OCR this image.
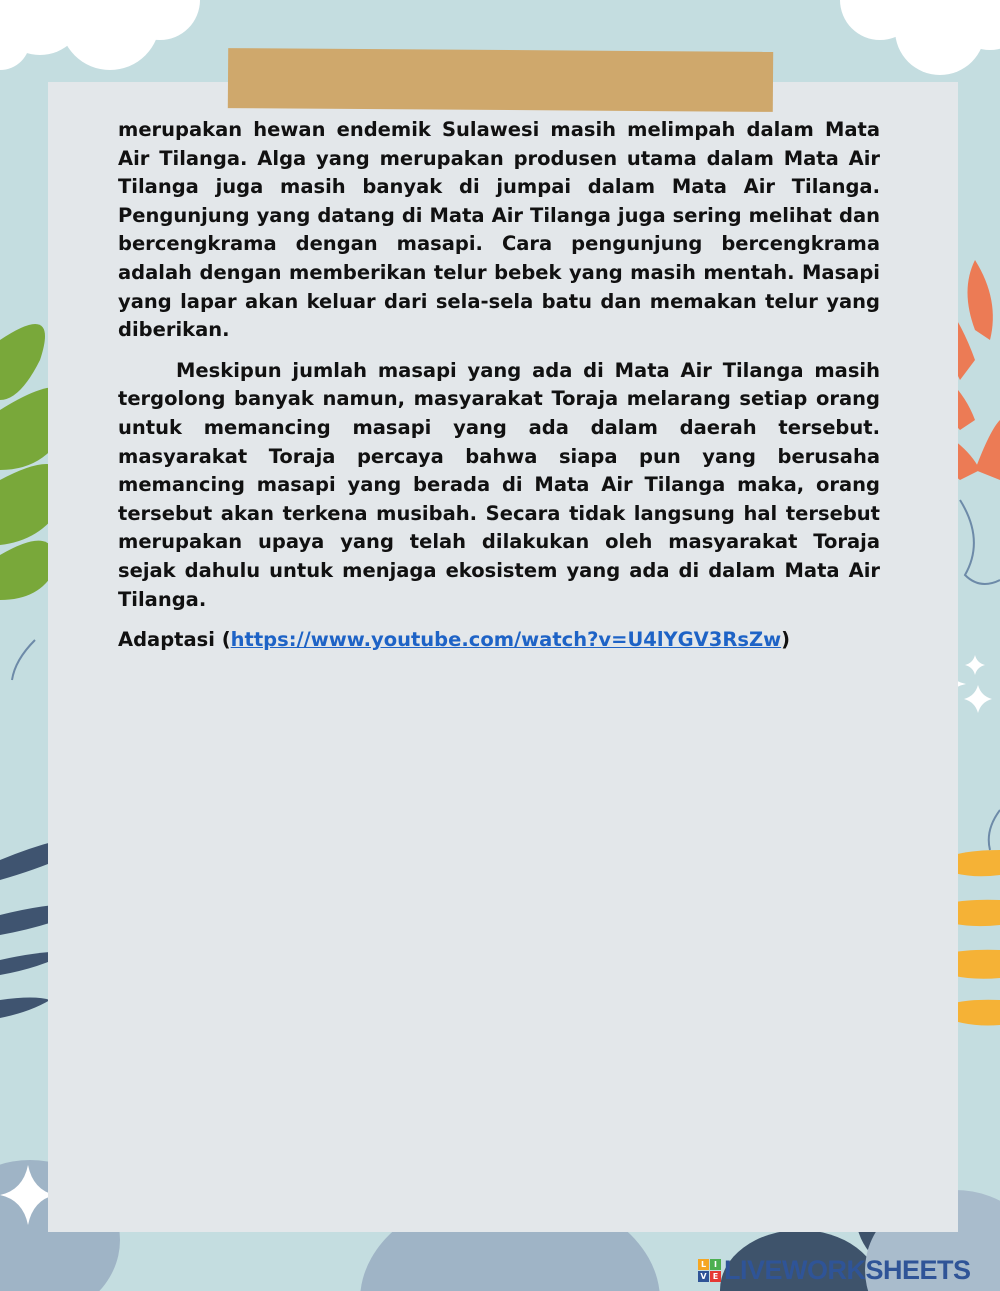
merupakan hewan endemik Sulawesi masih melimpah dalam Mata Air Tilanga. Alga yang merupakan produsen utama dalam Mata Air Tilanga juga masih banyak di jumpai dalam Mata Air Tilanga. Pengunjung yang datang di Mata Air Tilanga juga sering melihat dan bercengkrama dengan masapi. Cara pengunjung bercengkrama adalah dengan memberikan telur bebek yang masih mentah. Masapi yang lapar akan keluar dari sela-sela batu dan memakan telur yang diberikan.

Meskipun jumlah masapi yang ada di Mata Air Tilanga masih tergolong banyak namun, masyarakat Toraja melarang setiap orang untuk memancing masapi yang ada dalam daerah tersebut. masyarakat Toraja percaya bahwa siapa pun yang berusaha memancing masapi yang berada di Mata Air Tilanga maka, orang tersebut akan terkena musibah. Secara tidak langsung hal tersebut merupakan upaya yang telah dilakukan oleh masyarakat Toraja sejak dahulu untuk menjaga ekosistem yang ada di dalam Mata Air Tilanga.

Adaptasi (https://www.youtube.com/watch?v=U4lYGV3RsZw)
L I
V E LIVEWORKSHEETS
